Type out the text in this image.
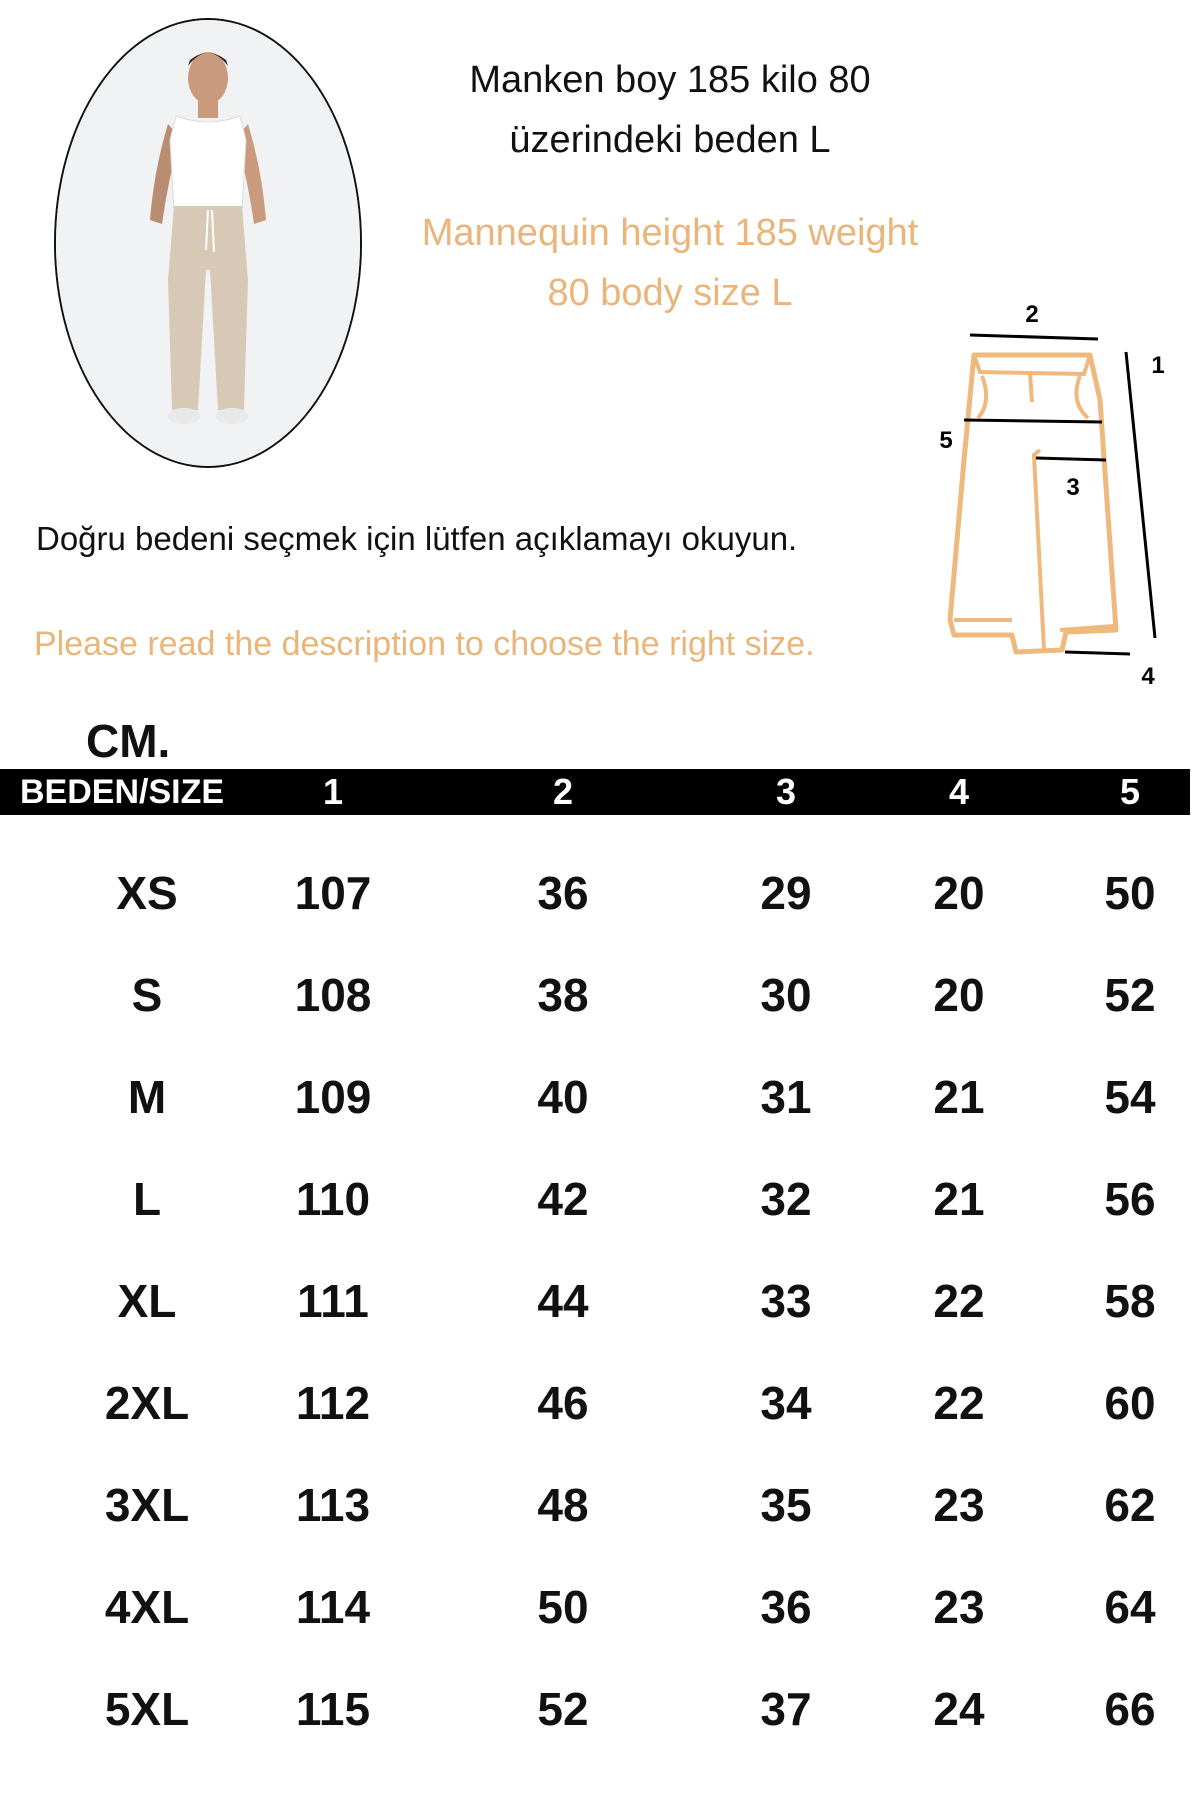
Manken boy 185 kilo 80
üzerindeki beden L
Mannequin height 185 weight
80 body size L
2
1
5
3
4
Doğru bedeni seçmek için lütfen açıklamayı okuyun.
Please read the description to choose the right size.
CM.
BEDEN/SIZE	1	2	3	4	5
XS	107	36	29	20	50
S	108	38	30	20	52
M	109	40	31	21	54
L	110	42	32	21	56
XL	111	44	33	22	58
2XL	112	46	34	22	60
3XL	113	48	35	23	62
4XL	114	50	36	23	64
5XL	115	52	37	24	66
